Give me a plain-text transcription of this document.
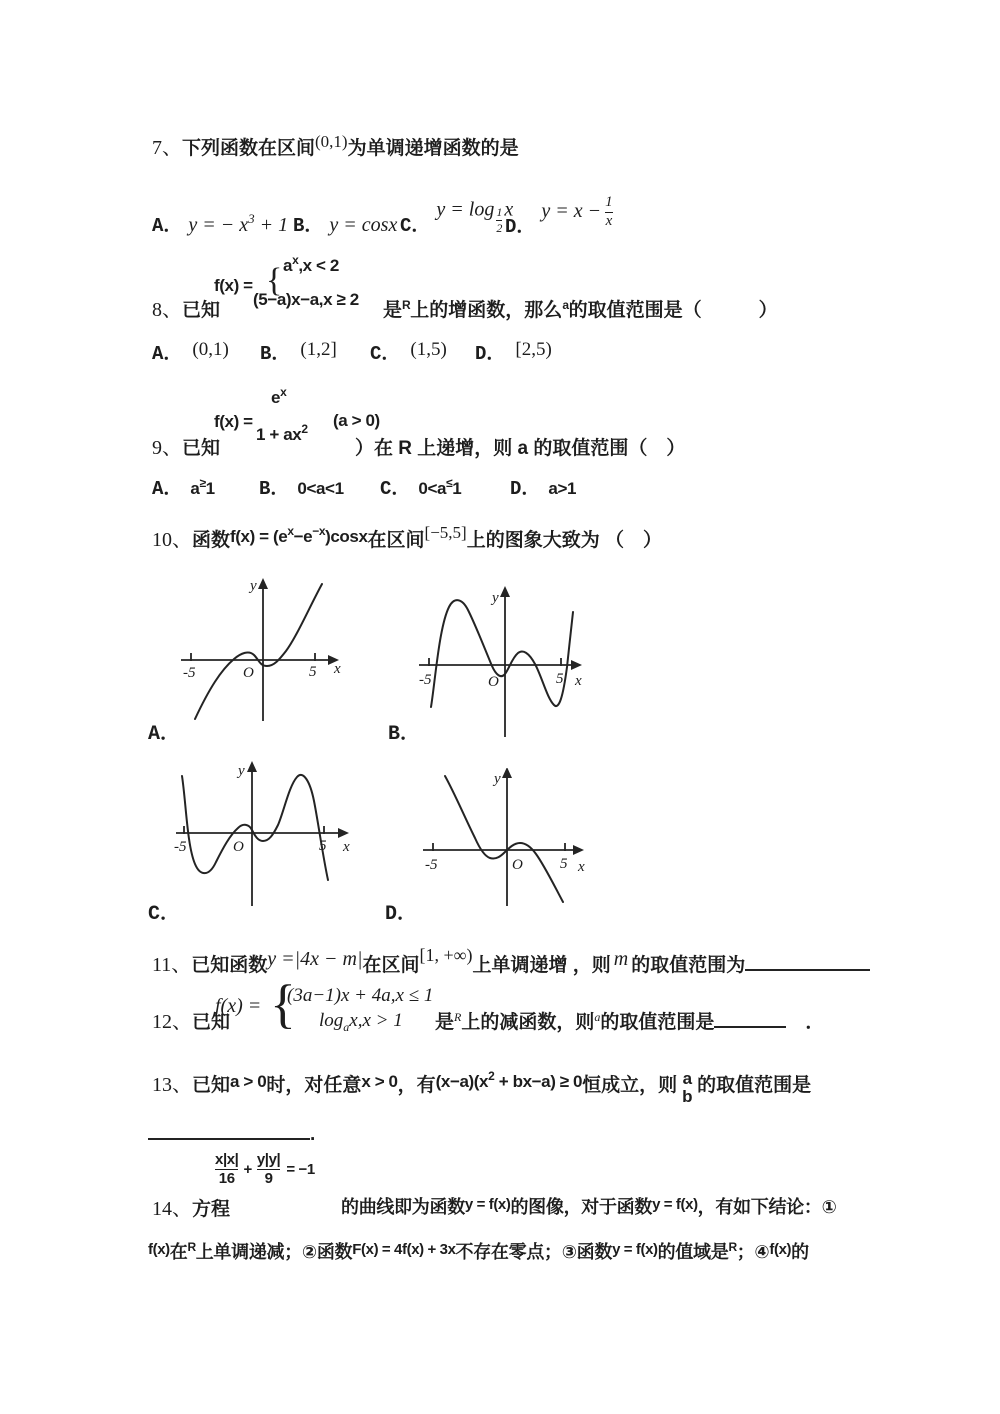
7、 下列函数在区间 (0,1) 为单调递增函数的是
A． y = − $x^3 + 1$ B． y = cosx C．
$y = \log \frac{1}{2}$ x
D．
$y = x - \frac{1}{x}$
8、 已知
f(x) = { $a^x,x < 2$
(5−a)x−a,x ≥ 2
是 R 上的增函数，那么 a 的取值范围是（　　　）
A． (0,1) B． (1,2] C． (1,5) D． [2,5)
f(x) =
$e^x$
$1 + ax^2$ (a > 0)
9、 已知	）在 R 上递增，则 a 的取值范围（　）
A． a≥1 B． 0<a<1 C． 0<a≤1	D． a>1
10、 函数 $f(x) = (e^x-e^{-x})\cos x$ 在区间 [−5,5] 上的图象大致为 （　）
-5	5 x
y
O	-5	5 x
y
O
-5	5 x
y
O
-5	5 x
y
O
A．	B．
C．	D．
11、 已知函数 y =|4x − m| 在区间 [1, +∞) 上单调递增 ，则 m 的取值范围为
12、 已知
f(x) = {
(3a−1)x + 4a,x ≤ 1
$\log_ax,x > 1$ 是 R 上的减函数，则 a 的取值范围是	　．
13、 已知 a > 0 时，对任意 x > 0 ，有 $(x-a)(x^2 + bx-a) \ge 0$ 恒成立，则 a
b
的取值范围是
.
$\frac{x|x|}{16} + \frac{y|y|}{9} = -1$
14、 方程	的曲线即为函数 y = f(x) 的图像，对于函数 y = f(x) ，有如下结论：①
f(x) 在 R 上单调递减；②函数 F(x) = 4f(x) + 3x 不存在零点；③函数 y = f(x) 的值域是 R ；④ f(x) 的
